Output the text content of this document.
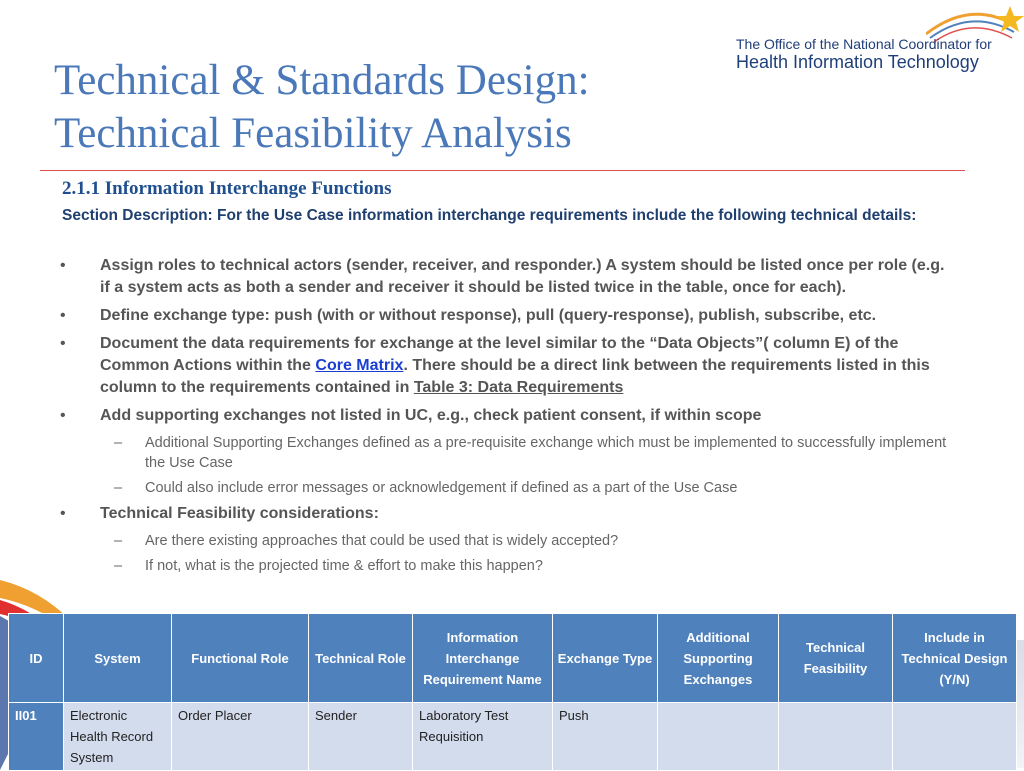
The Office of the National Coordinator for
Health Information Technology
Technical & Standards Design:
Technical Feasibility Analysis
2.1.1 Information Interchange Functions
Section Description: For the Use Case information interchange requirements include the following technical details:
• Assign roles to technical actors (sender, receiver, and responder.) A system should be listed once per role (e.g. if a system acts as both a sender and receiver it should be listed twice in the table, once for each).
• Define exchange type: push (with or without response), pull (query-response), publish, subscribe, etc.
• Document the data requirements for exchange at the level similar to the “Data Objects”( column E) of the Common Actions within the Core Matrix. There should be a direct link between the requirements listed in this column to the requirements contained in Table 3: Data Requirements
• Add supporting exchanges not listed in UC, e.g., check patient consent, if within scope
– Additional Supporting Exchanges defined as a pre-requisite exchange which must be implemented to successfully implement the Use Case
– Could also include error messages or acknowledgement if defined as a part of the Use Case
• Technical Feasibility considerations:
– Are there existing approaches that could be used that is widely accepted?
– If not, what is the projected time & effort to make this happen?
ID	System	Functional Role	Technical Role	Information Interchange Requirement Name	Exchange Type	Additional Supporting Exchanges	Technical Feasibility	Include in Technical Design (Y/N)
II01	Electronic Health Record System	Order Placer	Sender	Laboratory Test Requisition	Push			
